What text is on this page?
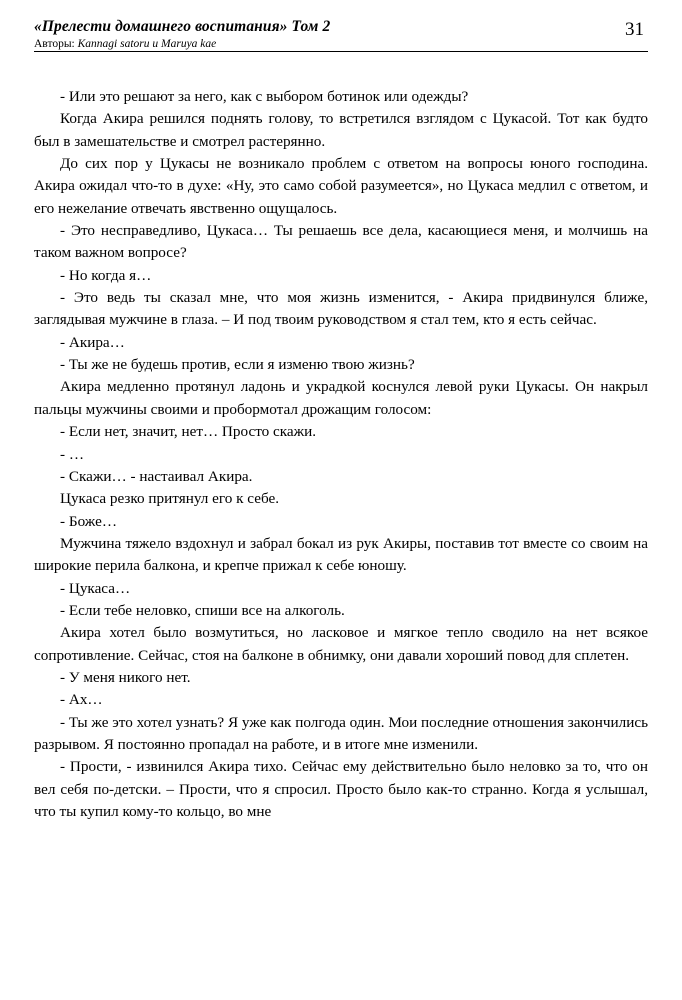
«Прелести домашнего воспитания» Том 2
Авторы: Kannagi satoru и Maruya kae
31

- Или это решают за него, как с выбором ботинок или одежды?

Когда Акира решился поднять голову, то встретился взглядом с Цукасой. Тот как будто был в замешательстве и смотрел растерянно.

До сих пор у Цукасы не возникало проблем с ответом на вопросы юного господина. Акира ожидал что-то в духе: «Ну, это само собой разумеется», но Цукаса медлил с ответом, и его нежелание отвечать явственно ощущалось.

- Это несправедливо, Цукаса… Ты решаешь все дела, касающиеся меня, и молчишь на таком важном вопросе?

- Но когда я…

- Это ведь ты сказал мне, что моя жизнь изменится, - Акира придвинулся ближе, заглядывая мужчине в глаза. – И под твоим руководством я стал тем, кто я есть сейчас.

- Акира…

- Ты же не будешь против, если я изменю твою жизнь?

Акира медленно протянул ладонь и украдкой коснулся левой руки Цукасы. Он накрыл пальцы мужчины своими и пробормотал дрожащим голосом:

- Если нет, значит, нет… Просто скажи.

- …

- Скажи… - настаивал Акира.

Цукаса резко притянул его к себе.

- Боже…

Мужчина тяжело вздохнул и забрал бокал из рук Акиры, поставив тот вместе со своим на широкие перила балкона, и крепче прижал к себе юношу.

- Цукаса…

- Если тебе неловко, спиши все на алкоголь.

Акира хотел было возмутиться, но ласковое и мягкое тепло сводило на нет всякое сопротивление. Сейчас, стоя на балконе в обнимку, они давали хороший повод для сплетен.

- У меня никого нет.

- Ах…

- Ты же это хотел узнать? Я уже как полгода один. Мои последние отношения закончились разрывом. Я постоянно пропадал на работе, и в итоге мне изменили.

- Прости, - извинился Акира тихо. Сейчас ему действительно было неловко за то, что он вел себя по-детски. – Прости, что я спросил. Просто было как-то странно. Когда я услышал, что ты купил кому-то кольцо, во мне
